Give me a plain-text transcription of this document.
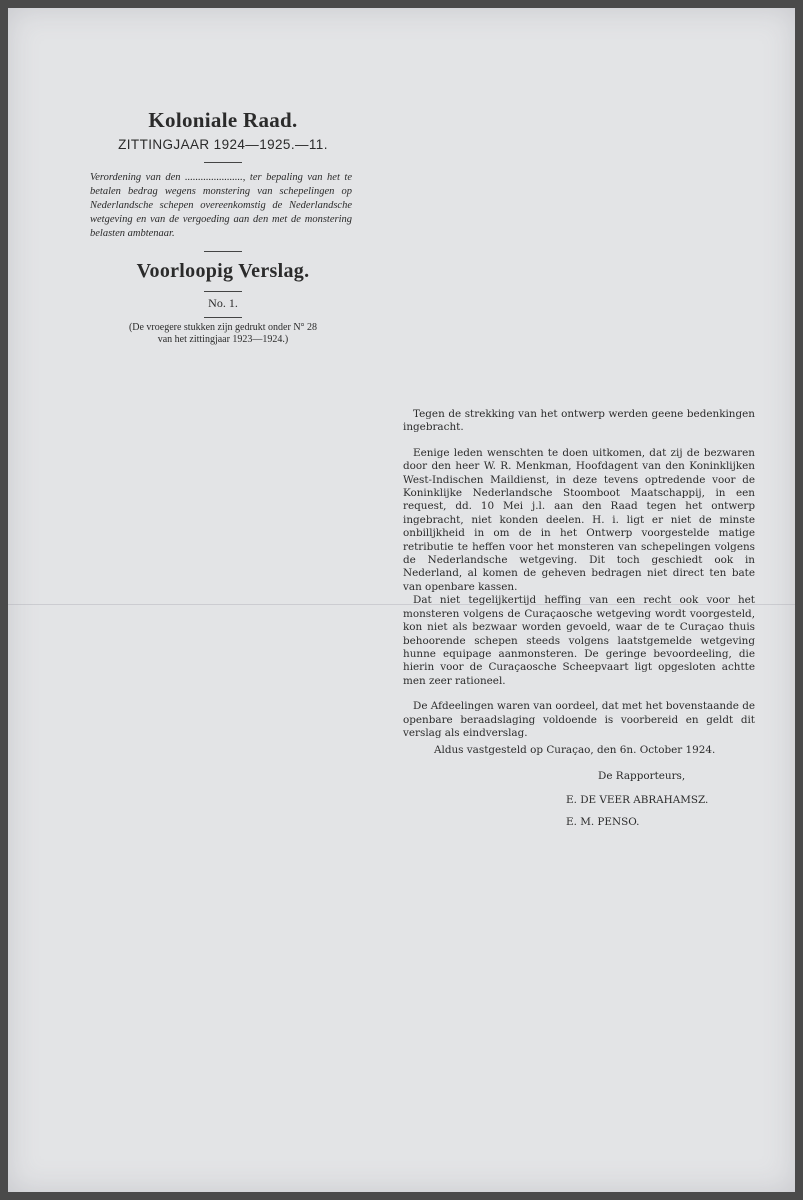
Koloniale Raad.
ZITTINGJAAR 1924—1925.—11.
Verordening van den ......................, ter bepaling van het te betalen bedrag wegens monstering van schepelingen op Nederlandsche schepen overeenkomstig de Nederlandsche wetgeving en van de vergoeding aan den met de monstering belasten ambtenaar.
Voorloopig Verslag.
No. 1.
(De vroegere stukken zijn gedrukt onder N° 28
van het zittingjaar 1923—1924.)

Tegen de strekking van het ontwerp werden geene bedenkingen ingebracht.

Eenige leden wenschten te doen uitkomen, dat zij de bezwaren door den heer W. R. Menkman, Hoofdagent van den Koninklijken West-Indischen Maildienst, in deze tevens optredende voor de Koninklijke Nederlandsche Stoomboot Maatschappij, in een request, dd. 10 Mei j.l. aan den Raad tegen het ontwerp ingebracht, niet konden deelen. H. i. ligt er niet de minste onbilljkheid in om de in het Ontwerp voorgestelde matige retributie te heffen voor het monsteren van schepelingen volgens de Nederlandsche wetgeving. Dit toch geschiedt ook in Nederland, al komen de geheven bedragen niet direct ten bate van openbare kassen.

Dat niet tegelijkertijd heffing van een recht ook voor het monsteren volgens de Curaçaosche wetgeving wordt voorgesteld, kon niet als bezwaar worden gevoeld, waar de te Curaçao thuis behoorende schepen steeds volgens laatstgemelde wetgeving hunne equipage aanmonsteren. De geringe bevoordeeling, die hierin voor de Curaçaosche Scheepvaart ligt opgesloten achtte men zeer rationeel.

De Afdeelingen waren van oordeel, dat met het bovenstaande de openbare beraadslaging voldoende is voorbereid en geldt dit verslag als eindverslag.

Aldus vastgesteld op Curaçao, den 6n. October 1924.
De Rapporteurs,
E. DE VEER ABRAHAMSZ.
E. M. PENSO.
